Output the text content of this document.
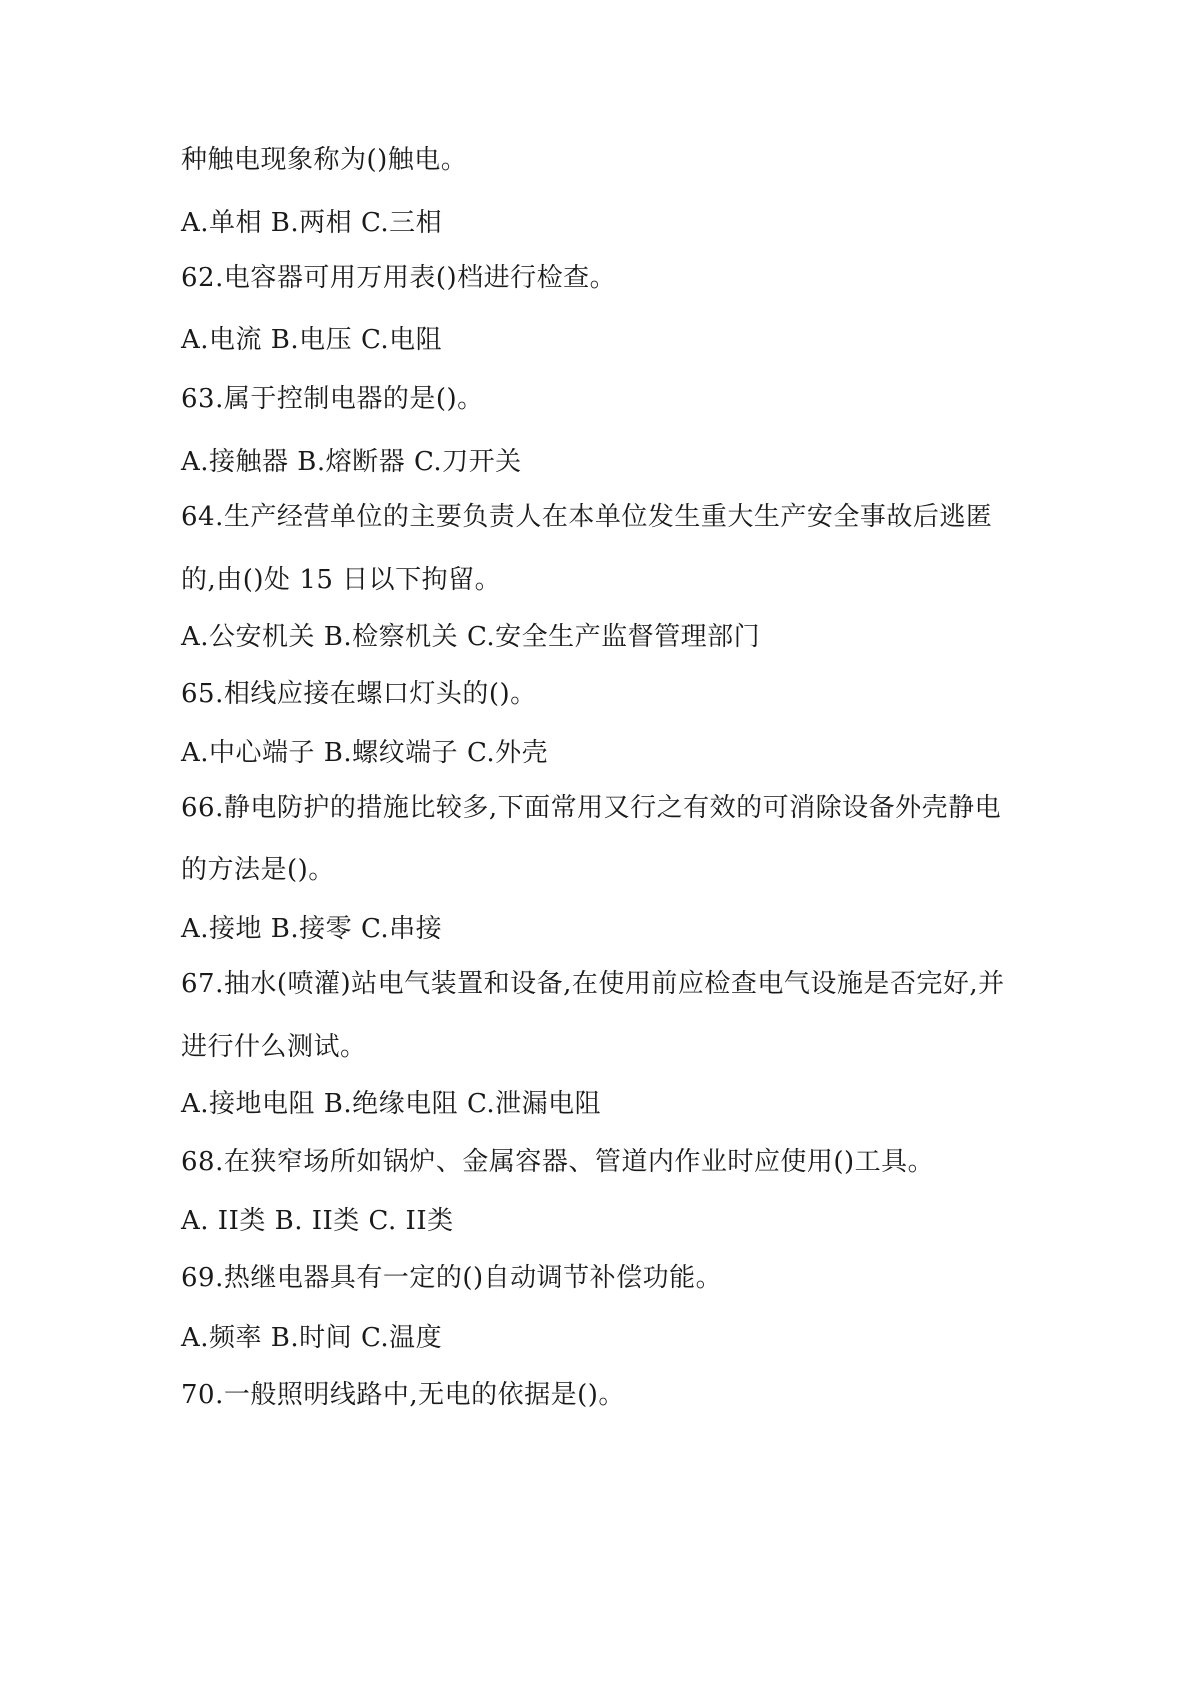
种触电现象称为()触电。
A.单相 B.两相 C.三相
62.电容器可用万用表()档进行检查。
A.电流 B.电压 C.电阻
63.属于控制电器的是()。
A.接触器 B.熔断器 C.刀开关
64.生产经营单位的主要负责人在本单位发生重大生产安全事故后逃匿
的,由()处 15 日以下拘留。
A.公安机关 B.检察机关 C.安全生产监督管理部门
65.相线应接在螺口灯头的()。
A.中心端子 B.螺纹端子 C.外壳
66.静电防护的措施比较多,下面常用又行之有效的可消除设备外壳静电
的方法是()。
A.接地 B.接零 C.串接
67.抽水(喷灌)站电气装置和设备,在使用前应检查电气设施是否完好,并
进行什么测试。
A.接地电阻 B.绝缘电阻 C.泄漏电阻
68.在狭窄场所如锅炉、金属容器、管道内作业时应使用()工具。
A. II类 B. II类 C. II类
69.热继电器具有一定的()自动调节补偿功能。
A.频率 B.时间 C.温度
70.一般照明线路中,无电的依据是()。
